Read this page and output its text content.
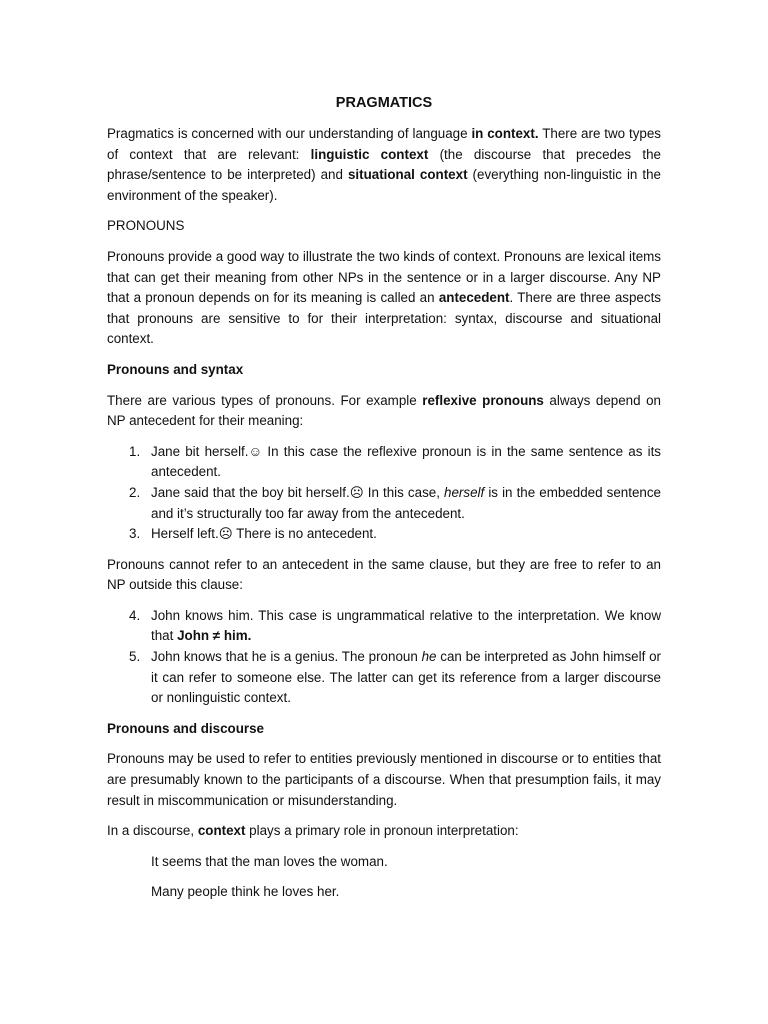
PRAGMATICS

Pragmatics is concerned with our understanding of language in context. There are two types of context that are relevant: linguistic context (the discourse that precedes the phrase/sentence to be interpreted) and situational context (everything non-linguistic in the environment of the speaker).

PRONOUNS

Pronouns provide a good way to illustrate the two kinds of context. Pronouns are lexical items that can get their meaning from other NPs in the sentence or in a larger discourse. Any NP that a pronoun depends on for its meaning is called an antecedent. There are three aspects that pronouns are sensitive to for their interpretation: syntax, discourse and situational context.

Pronouns and syntax

There are various types of pronouns. For example reflexive pronouns always depend on NP antecedent for their meaning:

1. Jane bit herself.☺ In this case the reflexive pronoun is in the same sentence as its antecedent.
2. Jane said that the boy bit herself.☹ In this case, herself is in the embedded sentence and it’s structurally too far away from the antecedent.
3. Herself left.☹ There is no antecedent.

Pronouns cannot refer to an antecedent in the same clause, but they are free to refer to an NP outside this clause:

4. John knows him. This case is ungrammatical relative to the interpretation. We know that John ≠ him.
5. John knows that he is a genius. The pronoun he can be interpreted as John himself or it can refer to someone else. The latter can get its reference from a larger discourse or nonlinguistic context.
Pronouns and discourse

Pronouns may be used to refer to entities previously mentioned in discourse or to entities that are presumably known to the participants of a discourse. When that presumption fails, it may result in miscommunication or misunderstanding.

In a discourse, context plays a primary role in pronoun interpretation:

It seems that the man loves the woman.
Many people think he loves her.
